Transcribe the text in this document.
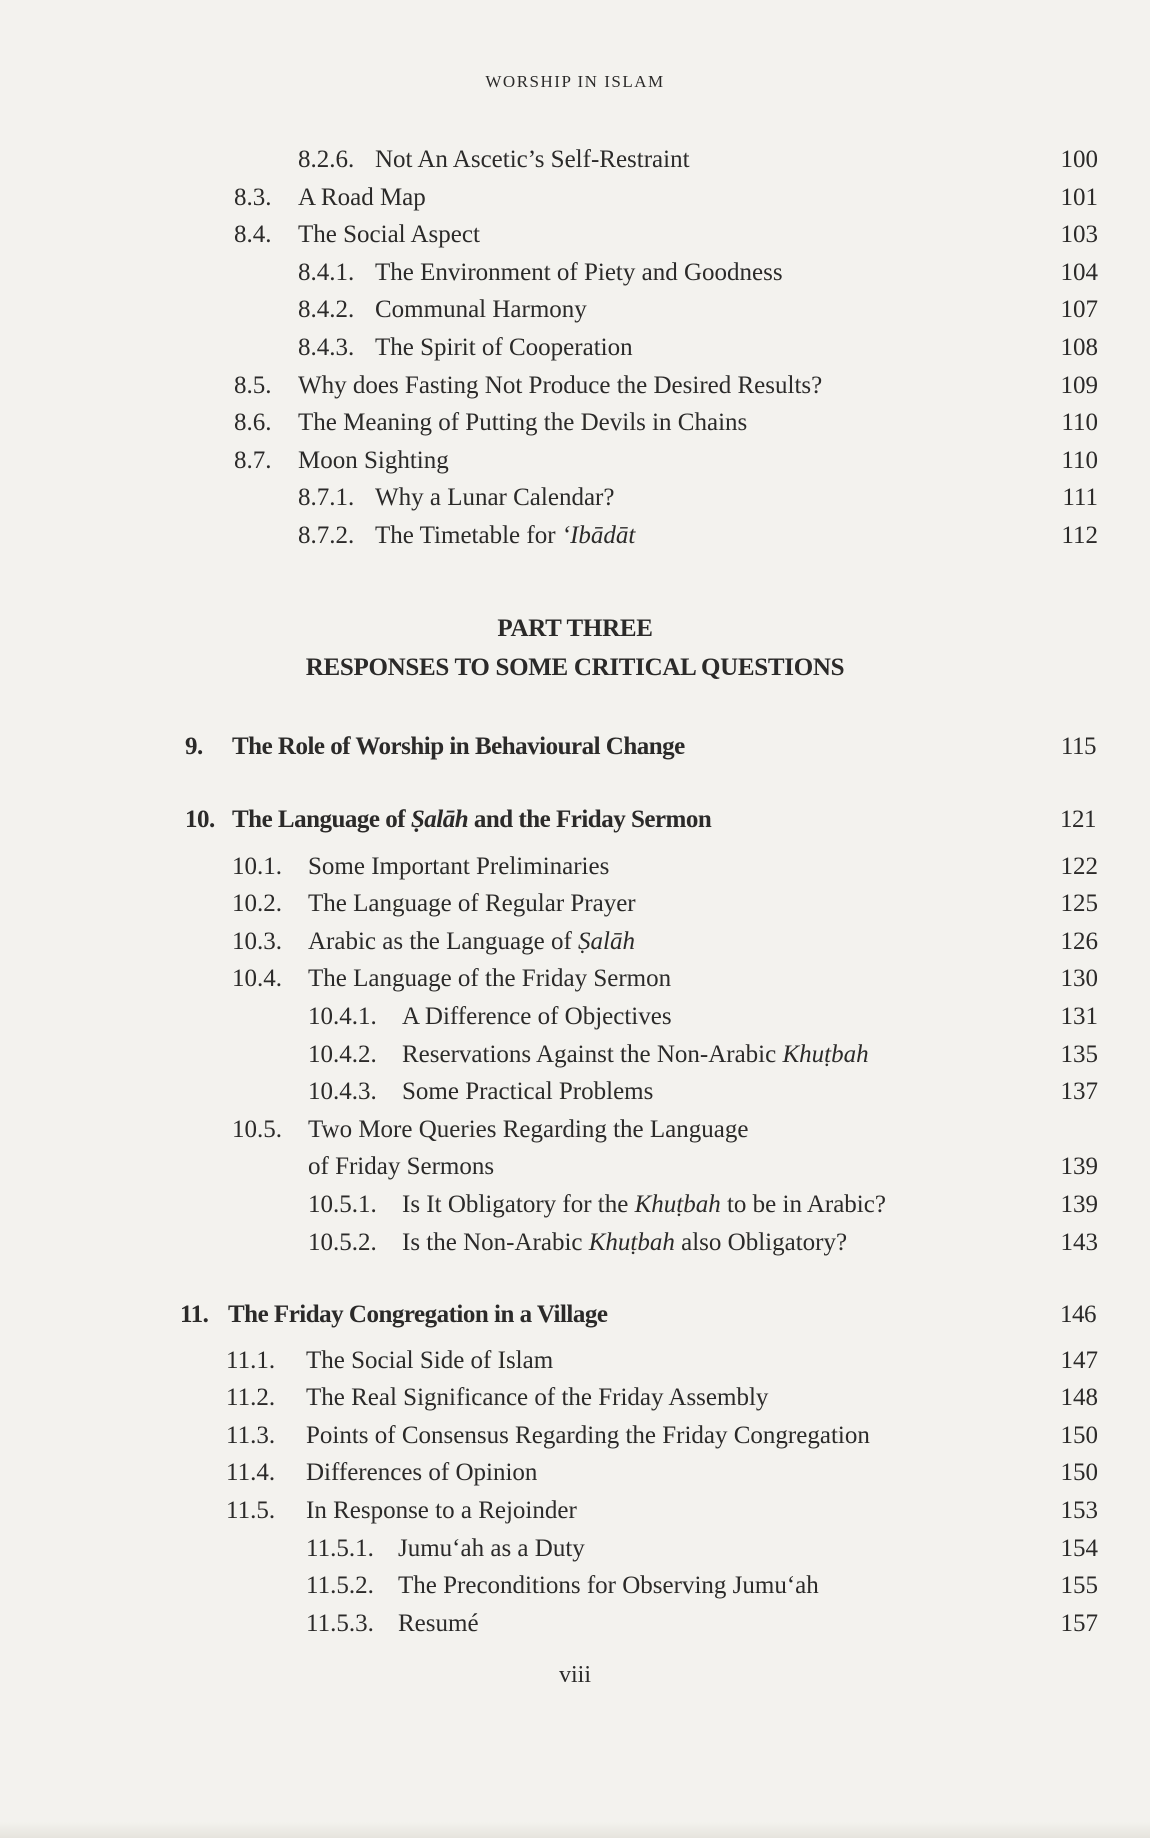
WORSHIP IN ISLAM
8.2.6. Not An Ascetic’s Self-Restraint	100
8.3. A Road Map	101
8.4. The Social Aspect	103
8.4.1. The Environment of Piety and Goodness	104
8.4.2. Communal Harmony	107
8.4.3. The Spirit of Cooperation	108
8.5. Why does Fasting Not Produce the Desired Results?	109
8.6. The Meaning of Putting the Devils in Chains	110
8.7. Moon Sighting	110
8.7.1. Why a Lunar Calendar?	111
8.7.2. The Timetable for ‘Ibādāt	112
PART THREE
RESPONSES TO SOME CRITICAL QUESTIONS
9. The Role of Worship in Behavioural Change	115
10. The Language of Ṣalāh and the Friday Sermon	121
10.1. Some Important Preliminaries	122
10.2. The Language of Regular Prayer	125
10.3. Arabic as the Language of Ṣalāh	126
10.4. The Language of the Friday Sermon	130
10.4.1. A Difference of Objectives	131
10.4.2. Reservations Against the Non-Arabic Khuṭbah	135
10.4.3. Some Practical Problems	137
10.5. Two More Queries Regarding the Language
of Friday Sermons	139
10.5.1. Is It Obligatory for the Khuṭbah to be in Arabic?	139
10.5.2. Is the Non-Arabic Khuṭbah also Obligatory?	143
11. The Friday Congregation in a Village	146
11.1. The Social Side of Islam	147
11.2. The Real Significance of the Friday Assembly	148
11.3. Points of Consensus Regarding the Friday Congregation	150
11.4. Differences of Opinion	150
11.5. In Response to a Rejoinder	153
11.5.1. Jumu‘ah as a Duty	154
11.5.2. The Preconditions for Observing Jumu‘ah	155
11.5.3. Resumé	157
viii
